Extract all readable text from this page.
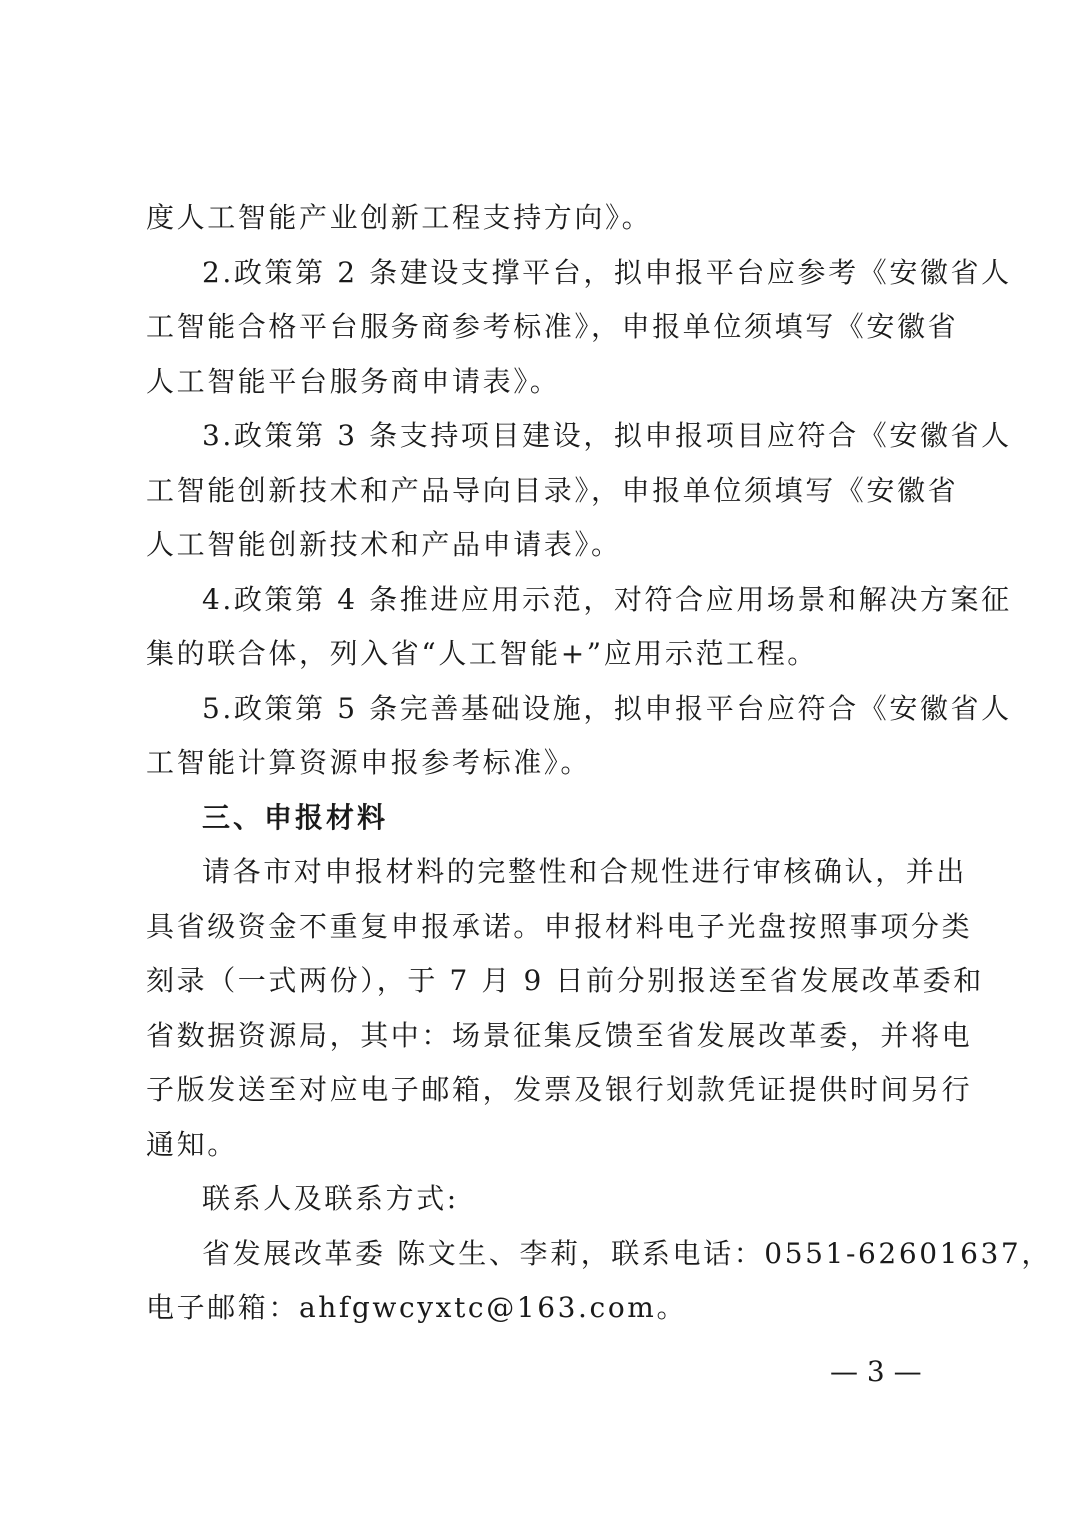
度人工智能产业创新工程支持方向》。
2.政策第 2 条建设支撑平台，拟申报平台应参考《安徽省人
工智能合格平台服务商参考标准》，申报单位须填写《安徽省
人工智能平台服务商申请表》。
3.政策第 3 条支持项目建设，拟申报项目应符合《安徽省人
工智能创新技术和产品导向目录》，申报单位须填写《安徽省
人工智能创新技术和产品申请表》。
4.政策第 4 条推进应用示范，对符合应用场景和解决方案征
集的联合体，列入省“人工智能+”应用示范工程。
5.政策第 5 条完善基础设施，拟申报平台应符合《安徽省人
工智能计算资源申报参考标准》。
三、申报材料
请各市对申报材料的完整性和合规性进行审核确认，并出
具省级资金不重复申报承诺。申报材料电子光盘按照事项分类
刻录（一式两份），于 7 月 9 日前分别报送至省发展改革委和
省数据资源局，其中：场景征集反馈至省发展改革委，并将电
子版发送至对应电子邮箱，发票及银行划款凭证提供时间另行
通知。
联系人及联系方式:
省发展改革委 陈文生、李莉，联系电话：0551-62601637，
电子邮箱：ahfgwcyxtc@163.com。
— 3 —
